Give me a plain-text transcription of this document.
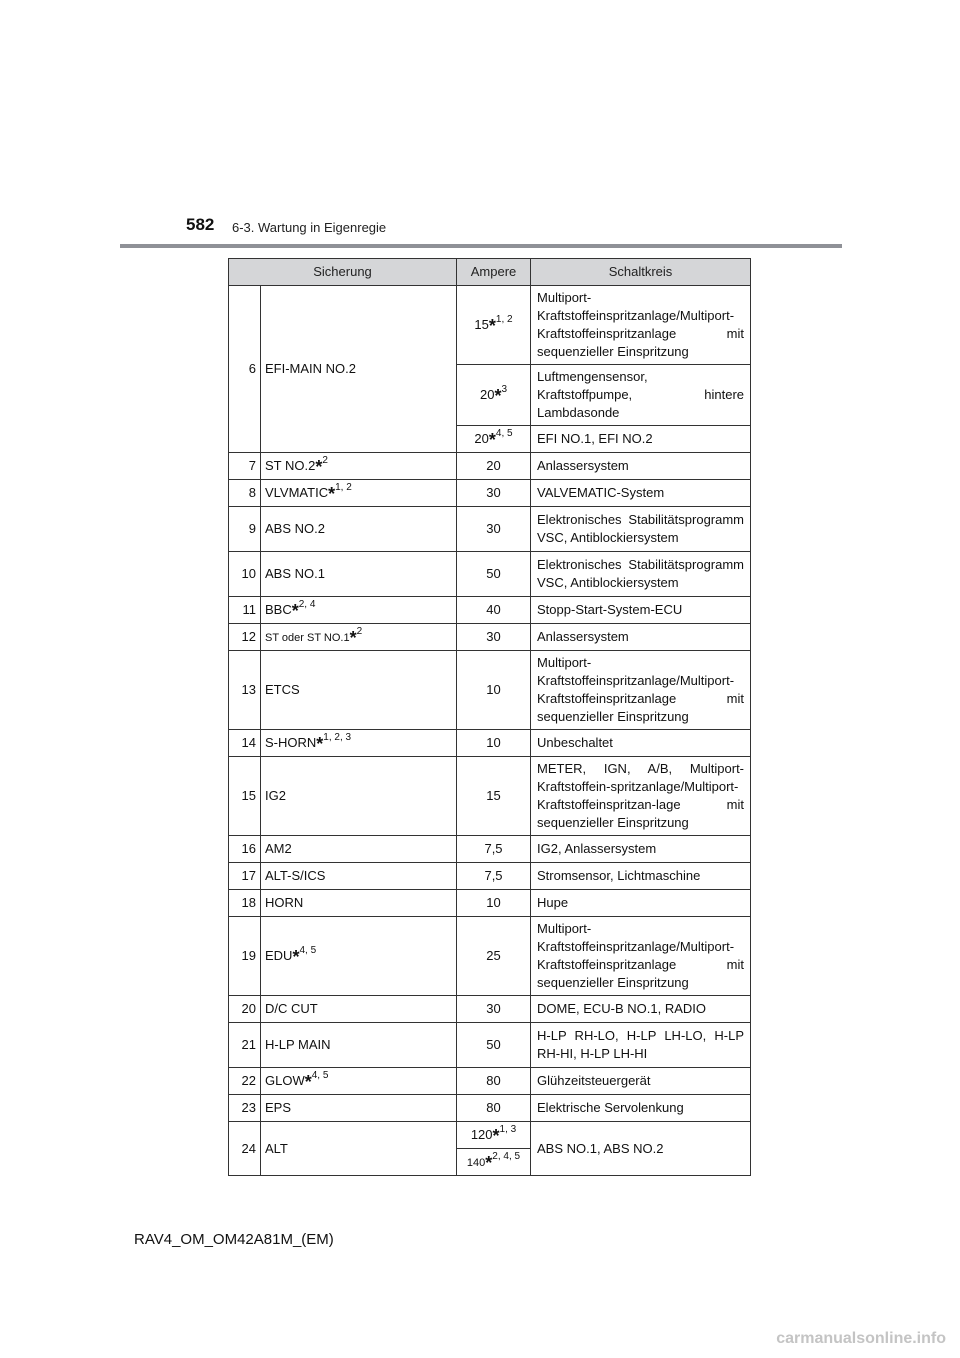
582 6-3. Wartung in Eigenregie
Sicherung		Ampere	Schaltkreis
6	EFI-MAIN NO.2	15*$^{1, 2}$	Multiport-Kraftstoffeinspritzanlage/Multiport-Kraftstoffeinspritzanlage mit sequenzieller Einspritzung
		20*$^3$	Luftmengensensor, Kraftstoffpumpe, hintere Lambdasonde
		20*$^{4, 5}$	EFI NO.1, EFI NO.2
7	ST NO.2*$^2$	20	Anlassersystem
8	VLVMATIC*$^{1, 2}$	30	VALVEMATIC-System
9	ABS NO.2	30	Elektronisches Stabilitätsprogramm VSC, Antiblockiersystem
10	ABS NO.1	50	Elektronisches Stabilitätsprogramm VSC, Antiblockiersystem
11	BBC*$^{2, 4}$	40	Stopp-Start-System-ECU
12	ST oder ST NO.1*$^2$	30	Anlassersystem
13	ETCS	10	Multiport-Kraftstoffeinspritzanlage/Multiport-Kraftstoffeinspritzanlage mit sequenzieller Einspritzung
14	S-HORN*$^{1, 2, 3}$	10	Unbeschaltet
15	IG2	15	METER, IGN, A/B, Multiport-Kraftstoffein-spritzanlage/Multiport-Kraftstoffeinspritzan-lage mit sequenzieller Einspritzung
16	AM2	7,5	IG2, Anlassersystem
17	ALT-S/ICS	7,5	Stromsensor, Lichtmaschine
18	HORN	10	Hupe
19	EDU*$^{4, 5}$	25	Multiport-Kraftstoffeinspritzanlage/Multiport-Kraftstoffeinspritzanlage mit sequenzieller Einspritzung
20	D/C CUT	30	DOME, ECU-B NO.1, RADIO
21	H-LP MAIN	50	H-LP RH-LO, H-LP LH-LO, H-LP RH-HI, H-LP LH-HI
22	GLOW*$^{4, 5}$	80	Glühzeitsteuergerät
23	EPS	80	Elektrische Servolenkung
24	ALT	120*$^{1, 3}$	ABS NO.1, ABS NO.2
		140*$^{2, 4, 5}$
RAV4_OM_OM42A81M_(EM)
carmanualsonline.info
